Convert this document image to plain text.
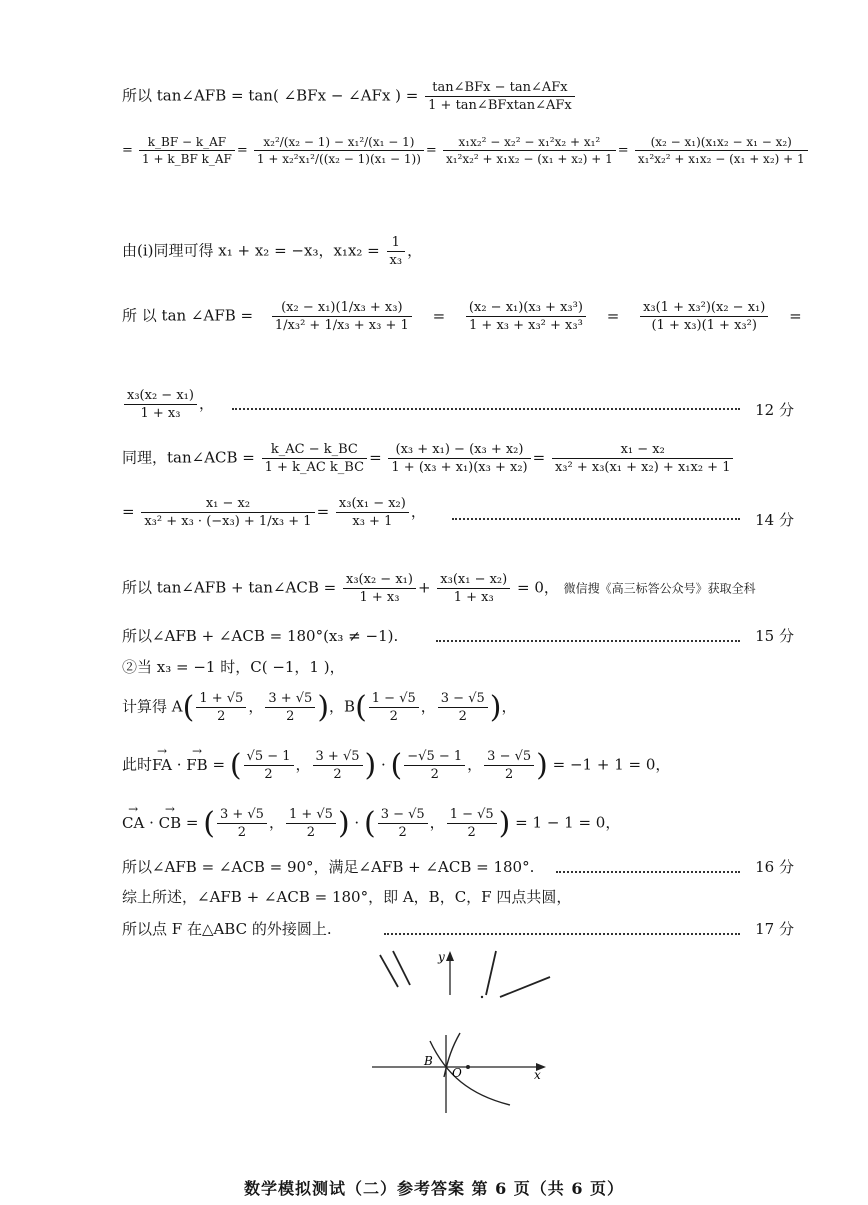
所以 tan∠AFB = tan( ∠BFx − ∠AFx ) =	tan∠BFx − tan∠AFx
1 + tan∠BFxtan∠AFx
= $\frac{k\_BF - k\_AF}{\text{1 + k\_BF k\_AF}} = \frac{\text{x₂²/(x₂ − 1) − x₁²/(x₁ − 1)}}{\text{1 + x₂²x₁²/((x₂ − 1)(x₁ − 1))}} = \frac{\text{x₁x₂² − x₂² − x₁²x₂ + x₁²}}{\text{x₁²x₂² + x₁x₂ − (x₁ + x₂) + 1}} = \frac{\text{(x₂ − x₁)(x₁x₂ − x₁ − x₂)}}{\text{x₁²x₂² + x₁x₂ − (x₁ + x₂) + 1}}$
由(i)同理可得 x₁ + x₂ = −x₃，$x_1x_2 = \frac{1}{\text{x₃}}$ ，
所 以 tan ∠AFB = $\frac{\text{(x₂ − x₁)(1/x₃ + x₃)}}{\text{1/x₃² + 1/x₃ + x₃ + 1}} = \frac{\text{(x₂ − x₁)(x₃ + x₃³)}}{\text{1 + x₃ + x₃² + x₃³}} = \frac{\text{x₃(1 + x₃²)(x₂ − x₁)}}{\text{(1 + x₃)(1 + x₃²)}}$ =
$\frac{\text{x₃(x₂ − x₁)}}{\text{1 + x₃}}$ ，	12 分
同理，tan∠ACB = $\frac{k\_AC - k\_BC}{\text{1 + k\_AC k\_BC}} = \frac{\text{(x₃ + x₁) − (x₃ + x₂)}}{\text{1 + (x₃ + x₁)(x₃ + x₂)}} = \frac{\text{x₁ − x₂}}{\text{x₃² + x₃(x₁ + x₂) + x₁x₂ + 1}}$
= $\frac{\text{x₁ − x₂}}{\text{x₃² + x₃ · (−x₃) + 1/x₃ + 1}} = \frac{\text{x₃(x₁ − x₂)}}{\text{x₃ + 1}}$ ，	14 分
所以 tan∠AFB + tan∠ACB = $\frac{\text{x₃(x₂ − x₁)}}{\text{1 + x₃}} + \frac{\text{x₃(x₁ − x₂)}}{\text{1 + x₃}} = 0$， 微信搜《高三标答公众号》获取全科
所以∠AFB + ∠ACB = 180°(x₃ ≠ −1).	15 分
②当 x₃ = −1 时，C( −1，1 )，
计算得 $A( \frac{1 + √5}{2}$ ， $\frac{3 + √5}{2}$ )，$B( \frac{1 - √5}{2}$ ， $\frac{3 - √5}{2}$ )，
此时→ FA · → FB = ( $\frac{√5 - 1}{2}$ ， $\frac{3 + √5}{2}$ ) · ( $\frac{-√5 - 1}{2}$ ， $\frac{3 - √5}{2}$ ) = −1 + 1 = 0，
→ CA · → CB = ( $\frac{3 + √5}{2}$ ， $\frac{1 + √5}{2}$ ) · ( $\frac{3 - √5}{2}$ ， $\frac{1 - √5}{2}$ ) = 1 − 1 = 0，
所以∠AFB = ∠ACB = 90°，满足∠AFB + ∠ACB = 180°.	16 分
综上所述，∠AFB + ∠ACB = 180°，即 A，B，C，F 四点共圆，
所以点 F 在△ABC 的外接圆上.	17 分
y
x
B
O
数学模拟测试（二）参考答案 第 6 页（共 6 页）
